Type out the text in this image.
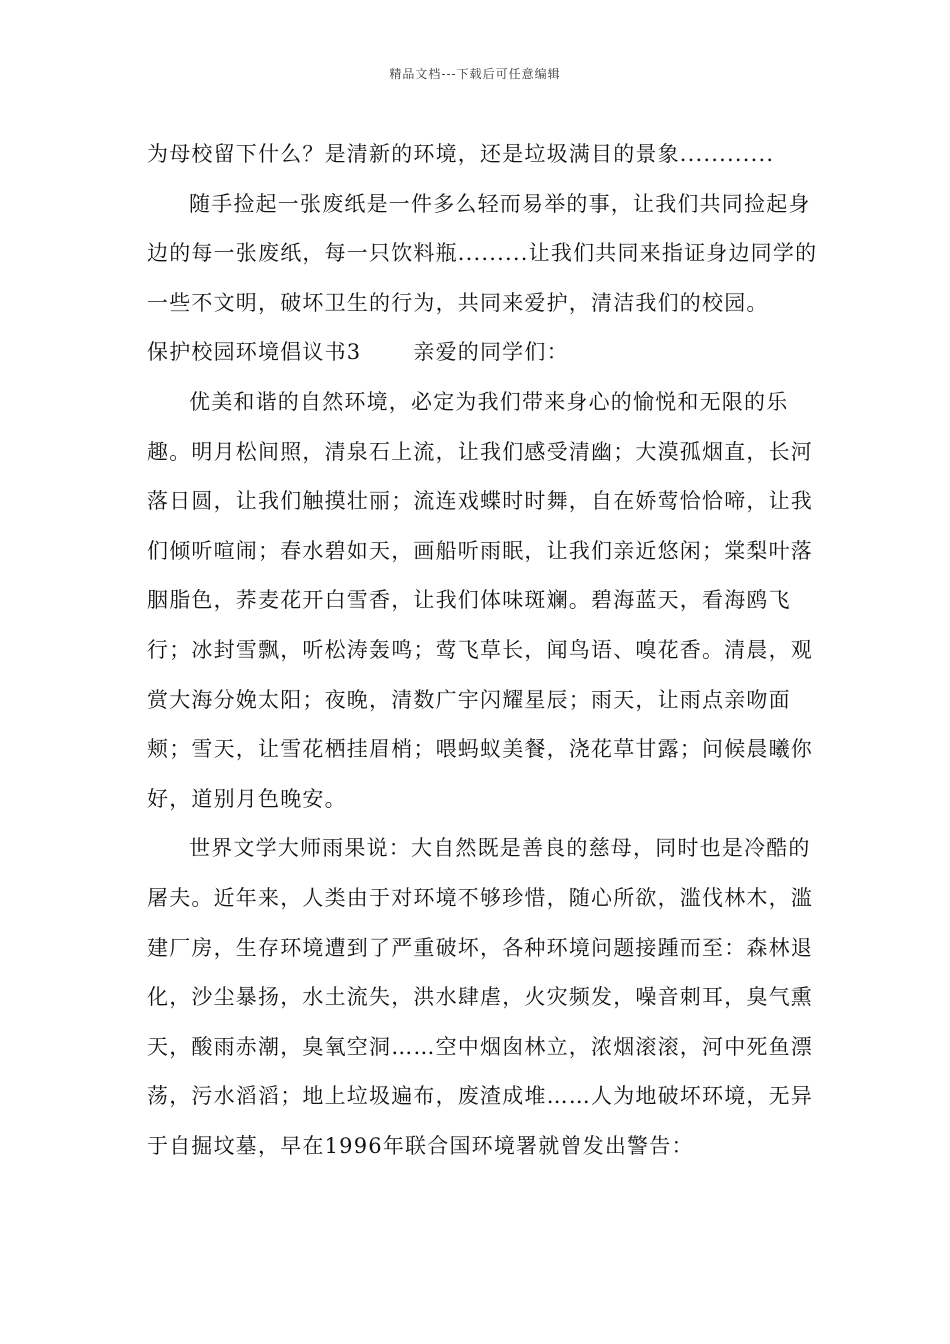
精品文档---下载后可任意编辑

为母校留下什么？是清新的环境，还是垃圾满目的景象............

随手捡起一张废纸是一件多么轻而易举的事，让我们共同捡起身边的每一张废纸，每一只饮料瓶.........让我们共同来指证身边同学的一些不文明，破坏卫生的行为，共同来爱护，清洁我们的校园。

保护校园环境倡议书3 亲爱的同学们：

优美和谐的自然环境，必定为我们带来身心的愉悦和无限的乐趣。明月松间照，清泉石上流，让我们感受清幽；大漠孤烟直，长河落日圆，让我们触摸壮丽；流连戏蝶时时舞，自在娇莺恰恰啼，让我们倾听喧闹；春水碧如天，画船听雨眠，让我们亲近悠闲；棠梨叶落胭脂色，荞麦花开白雪香，让我们体味斑斓。碧海蓝天，看海鸥飞行；冰封雪飘，听松涛轰鸣；莺飞草长，闻鸟语、嗅花香。清晨，观赏大海分娩太阳；夜晚，清数广宇闪耀星辰；雨天，让雨点亲吻面颊；雪天，让雪花栖挂眉梢；喂蚂蚁美餐，浇花草甘露；问候晨曦你好，道别月色晚安。

世界文学大师雨果说：大自然既是善良的慈母，同时也是冷酷的屠夫。近年来，人类由于对环境不够珍惜，随心所欲，滥伐林木，滥建厂房，生存环境遭到了严重破坏，各种环境问题接踵而至：森林退化，沙尘暴扬，水土流失，洪水肆虐，火灾频发，噪音刺耳，臭气熏天，酸雨赤潮，臭氧空洞……空中烟囱林立，浓烟滚滚，河中死鱼漂荡，污水滔滔；地上垃圾遍布，废渣成堆……人为地破坏环境，无异于自掘坟墓，早在1996年联合国环境署就曾发出警告：
